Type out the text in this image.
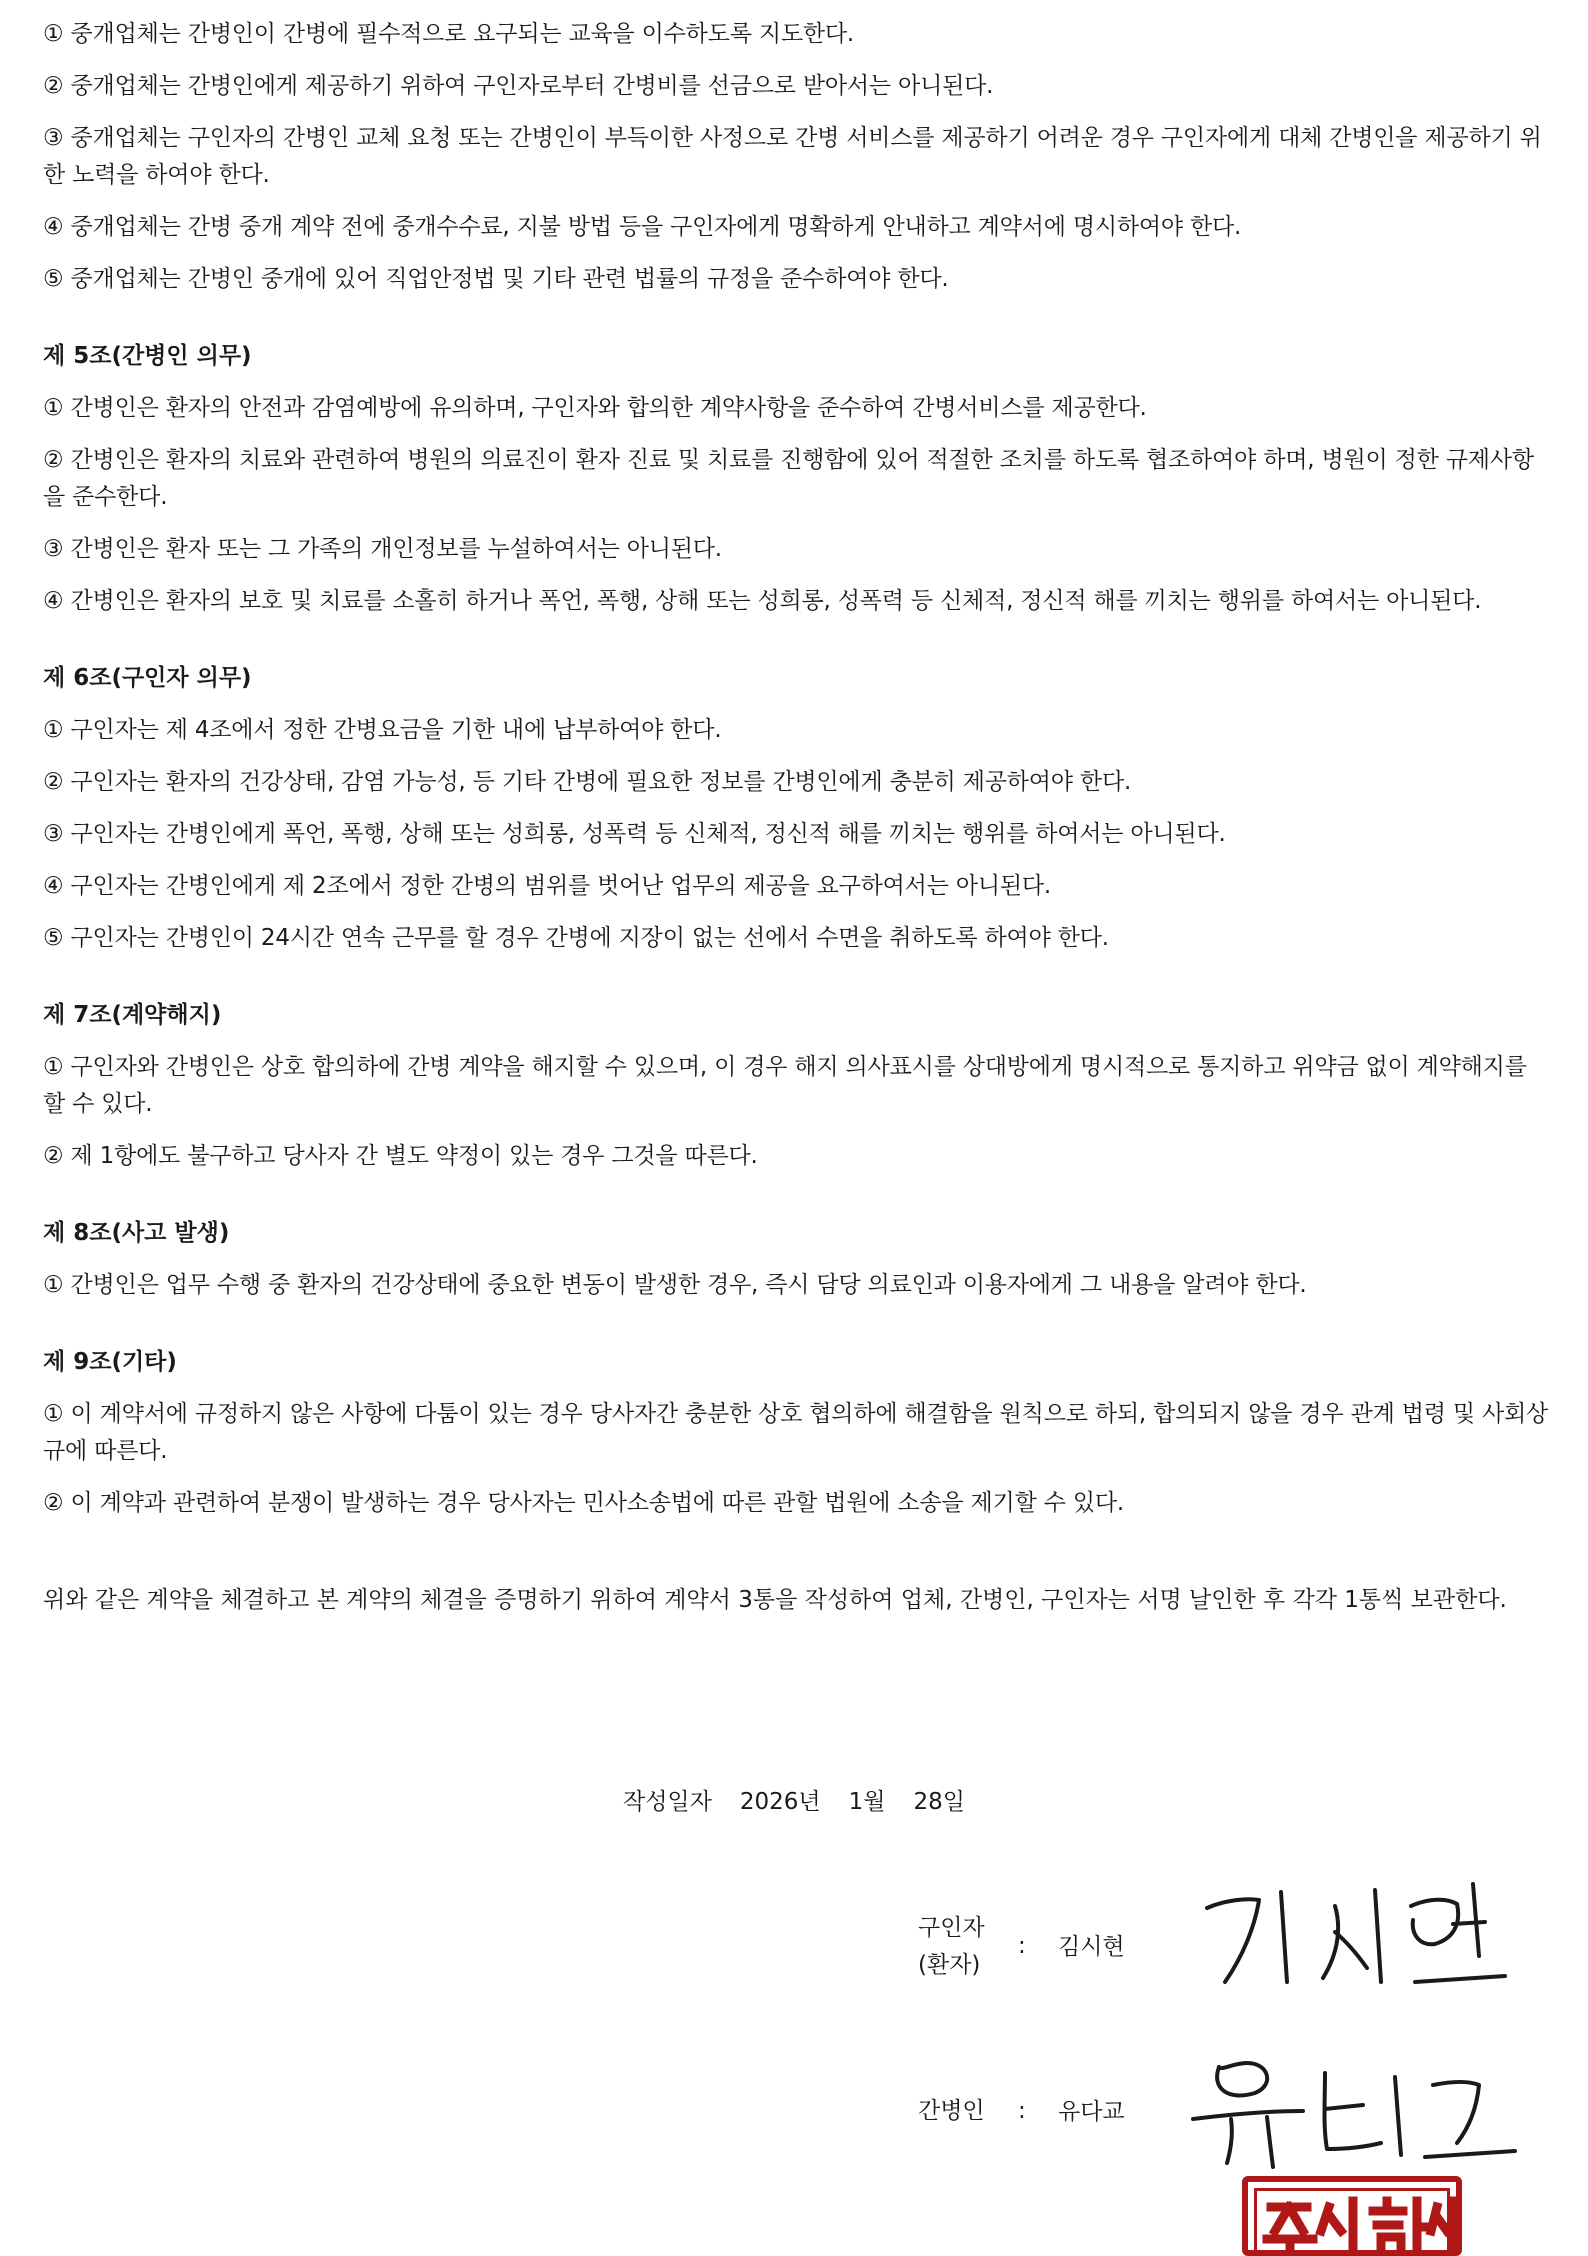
① 중개업체는 간병인이 간병에 필수적으로 요구되는 교육을 이수하도록 지도한다.

② 중개업체는 간병인에게 제공하기 위하여 구인자로부터 간병비를 선금으로 받아서는 아니된다.

③ 중개업체는 구인자의 간병인 교체 요청 또는 간병인이 부득이한 사정으로 간병 서비스를 제공하기 어려운 경우 구인자에게 대체 간병인을 제공하기 위한 노력을 하여야 한다.

④ 중개업체는 간병 중개 계약 전에 중개수수료, 지불 방법 등을 구인자에게 명확하게 안내하고 계약서에 명시하여야 한다.

⑤ 중개업체는 간병인 중개에 있어 직업안정법 및 기타 관련 법률의 규정을 준수하여야 한다.

제 5조(간병인 의무)

① 간병인은 환자의 안전과 감염예방에 유의하며, 구인자와 합의한 계약사항을 준수하여 간병서비스를 제공한다.

② 간병인은 환자의 치료와 관련하여 병원의 의료진이 환자 진료 및 치료를 진행함에 있어 적절한 조치를 하도록 협조하여야 하며, 병원이 정한 규제사항을 준수한다.

③ 간병인은 환자 또는 그 가족의 개인정보를 누설하여서는 아니된다.

④ 간병인은 환자의 보호 및 치료를 소홀히 하거나 폭언, 폭행, 상해 또는 성희롱, 성폭력 등 신체적, 정신적 해를 끼치는 행위를 하여서는 아니된다.

제 6조(구인자 의무)

① 구인자는 제 4조에서 정한 간병요금을 기한 내에 납부하여야 한다.

② 구인자는 환자의 건강상태, 감염 가능성, 등 기타 간병에 필요한 정보를 간병인에게 충분히 제공하여야 한다.

③ 구인자는 간병인에게 폭언, 폭행, 상해 또는 성희롱, 성폭력 등 신체적, 정신적 해를 끼치는 행위를 하여서는 아니된다.

④ 구인자는 간병인에게 제 2조에서 정한 간병의 범위를 벗어난 업무의 제공을 요구하여서는 아니된다.

⑤ 구인자는 간병인이 24시간 연속 근무를 할 경우 간병에 지장이 없는 선에서 수면을 취하도록 하여야 한다.

제 7조(계약해지)

① 구인자와 간병인은 상호 합의하에 간병 계약을 해지할 수 있으며, 이 경우 해지 의사표시를 상대방에게 명시적으로 통지하고 위약금 없이 계약해지를 할 수 있다.

② 제 1항에도 불구하고 당사자 간 별도 약정이 있는 경우 그것을 따른다.

제 8조(사고 발생)

① 간병인은 업무 수행 중 환자의 건강상태에 중요한 변동이 발생한 경우, 즉시 담당 의료인과 이용자에게 그 내용을 알려야 한다.

제 9조(기타)

① 이 계약서에 규정하지 않은 사항에 다툼이 있는 경우 당사자간 충분한 상호 협의하에 해결함을 원칙으로 하되, 합의되지 않을 경우 관계 법령 및 사회상규에 따른다.

② 이 계약과 관련하여 분쟁이 발생하는 경우 당사자는 민사소송법에 따른 관할 법원에 소송을 제기할 수 있다.

위와 같은 계약을 체결하고 본 계약의 체결을 증명하기 위하여 계약서 3통을 작성하여 업체, 간병인, 구인자는 서명 날인한 후 각각 1통씩 보관한다.

작성일자 2026년 1월 28일
구인자
(환자)
: 김시현
간병인 : 유다교
